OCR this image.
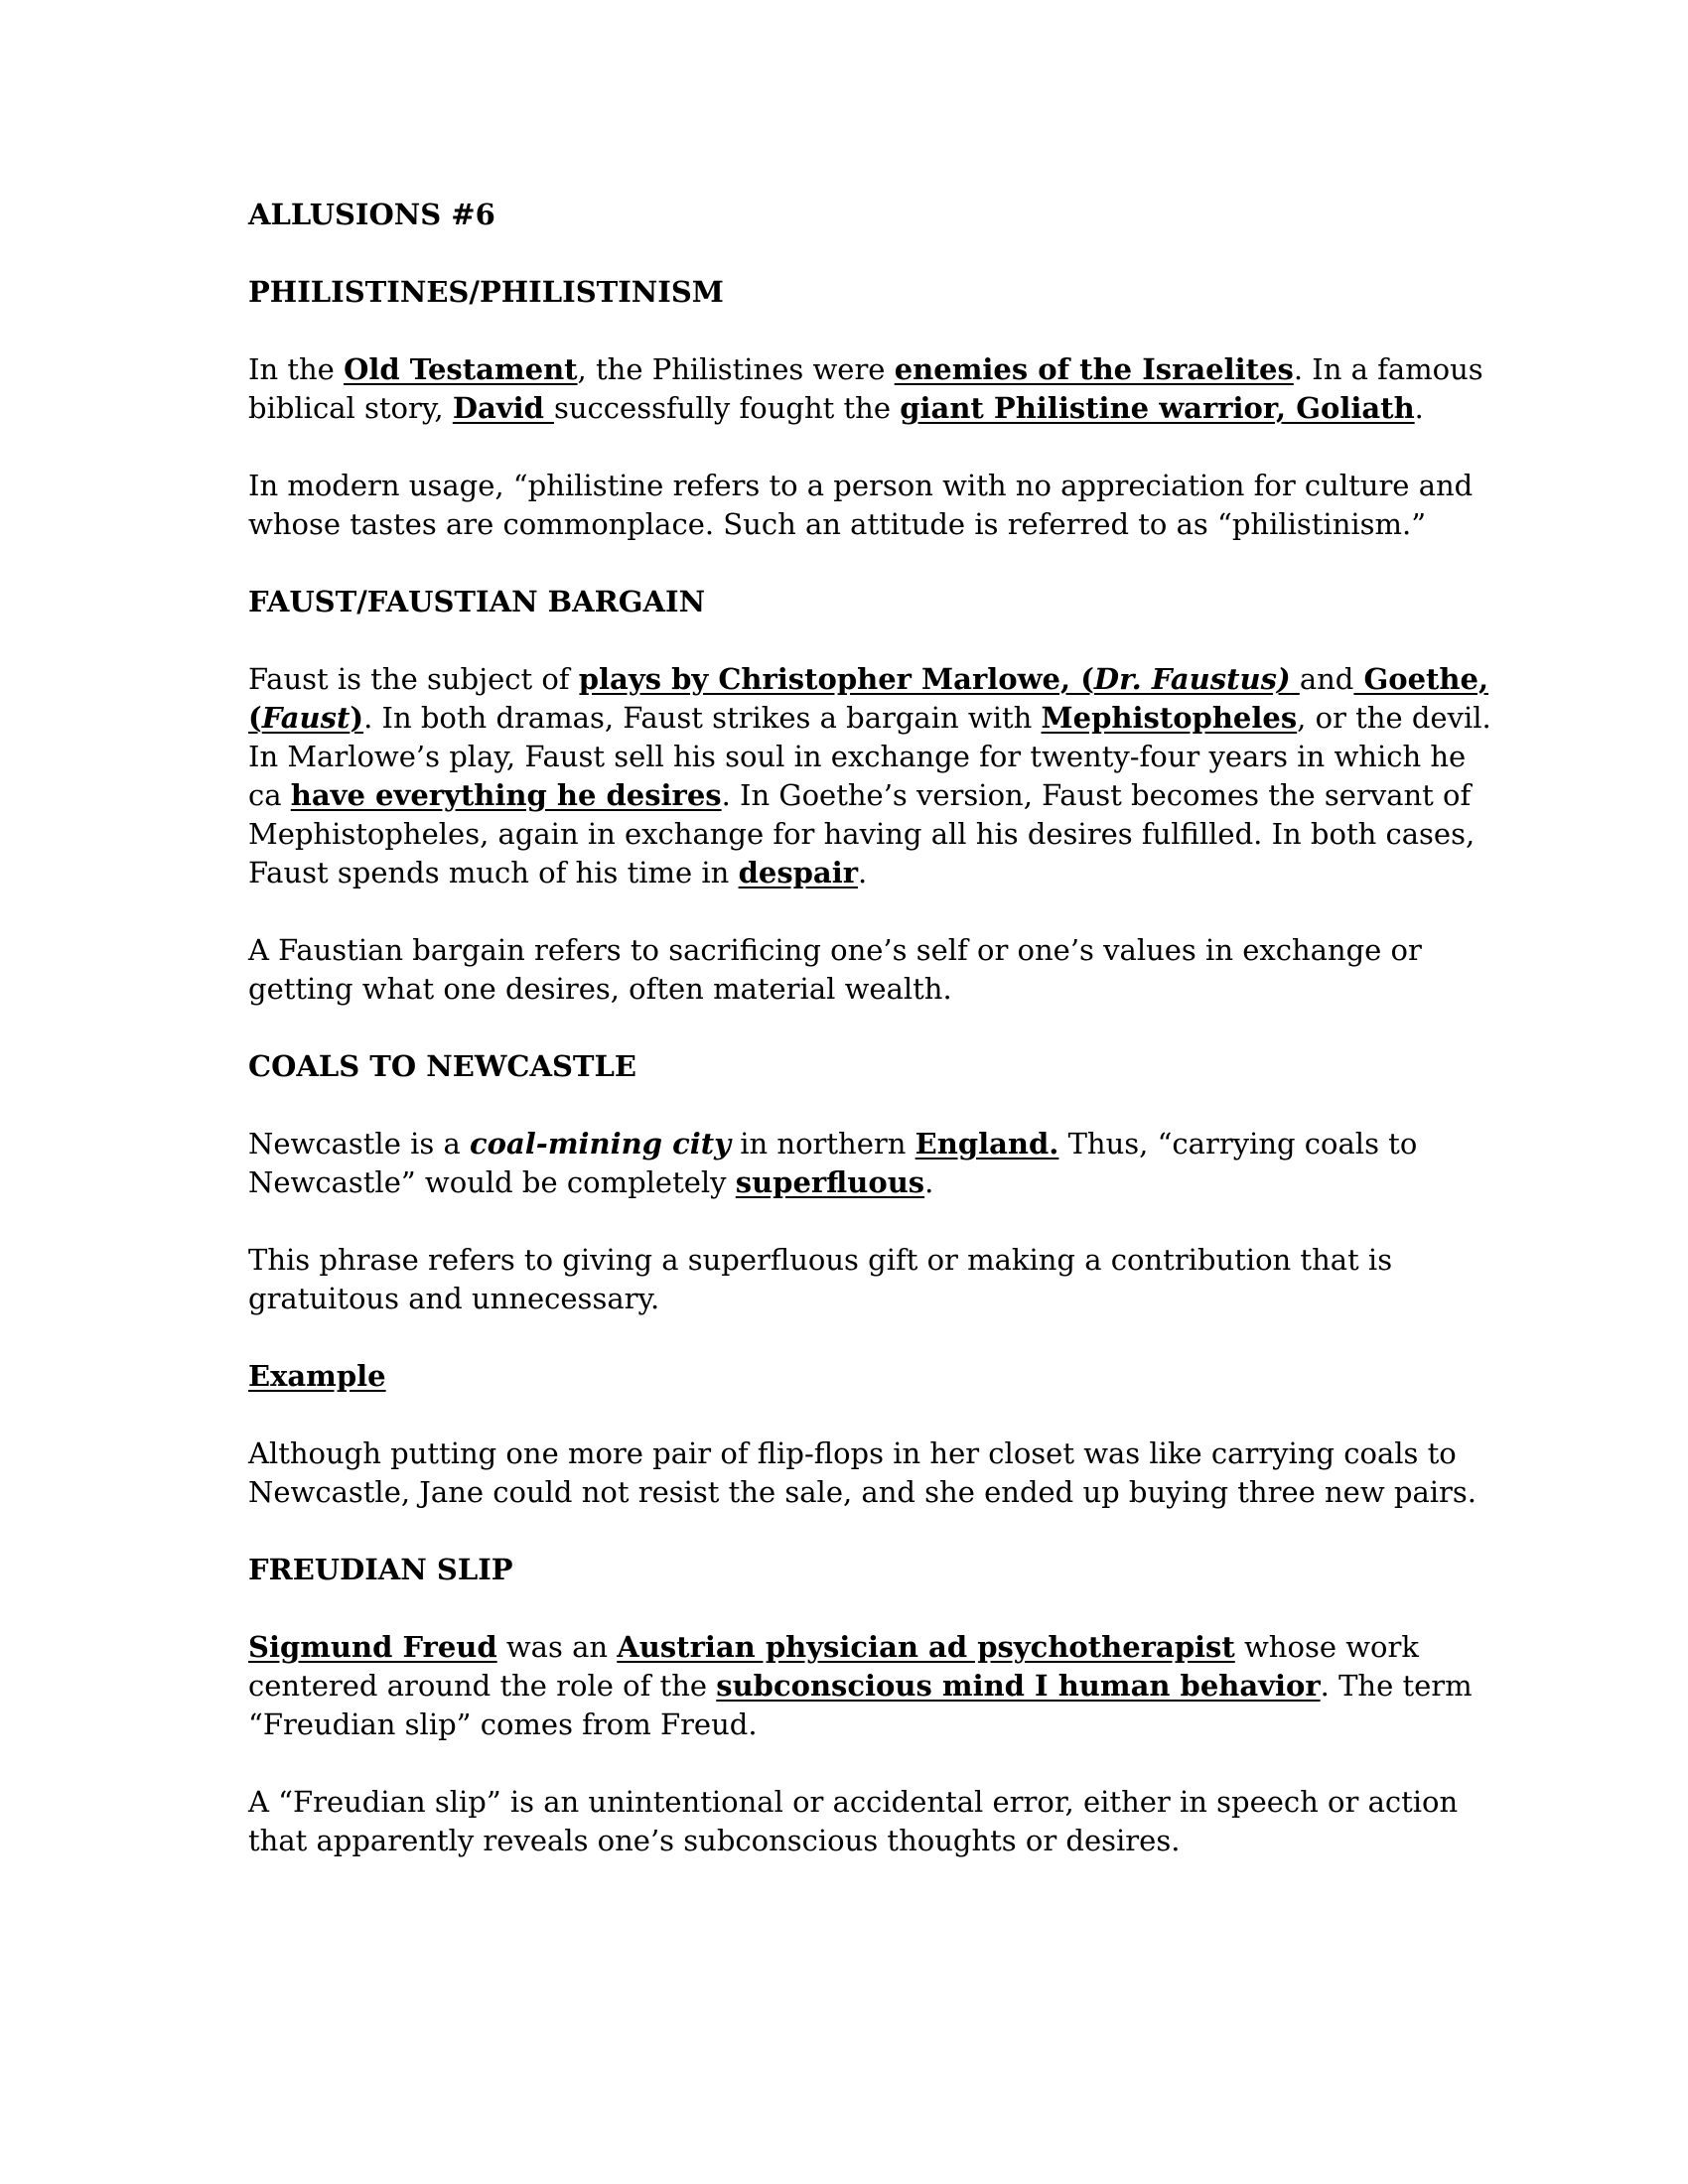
ALLUSIONS #6
PHILISTINES/PHILISTINISM
In the Old Testament, the Philistines were enemies of the Israelites. In a famous
biblical story, David successfully fought the giant Philistine warrior, Goliath.
In modern usage, “philistine refers to a person with no appreciation for culture and
whose tastes are commonplace. Such an attitude is referred to as “philistinism.”
FAUST/FAUSTIAN BARGAIN
Faust is the subject of plays by Christopher Marlowe, (Dr. Faustus) and Goethe,
(Faust). In both dramas, Faust strikes a bargain with Mephistopheles, or the devil.
In Marlowe’s play, Faust sell his soul in exchange for twenty-four years in which he
ca have everything he desires. In Goethe’s version, Faust becomes the servant of
Mephistopheles, again in exchange for having all his desires fulfilled. In both cases,
Faust spends much of his time in despair.
A Faustian bargain refers to sacrificing one’s self or one’s values in exchange or
getting what one desires, often material wealth.
COALS TO NEWCASTLE
Newcastle is a coal-mining city in northern England. Thus, “carrying coals to
Newcastle” would be completely superfluous.
This phrase refers to giving a superfluous gift or making a contribution that is
gratuitous and unnecessary.
Example
Although putting one more pair of flip-flops in her closet was like carrying coals to
Newcastle, Jane could not resist the sale, and she ended up buying three new pairs.
FREUDIAN SLIP
Sigmund Freud was an Austrian physician ad psychotherapist whose work
centered around the role of the subconscious mind I human behavior. The term
“Freudian slip” comes from Freud.
A “Freudian slip” is an unintentional or accidental error, either in speech or action
that apparently reveals one’s subconscious thoughts or desires.
